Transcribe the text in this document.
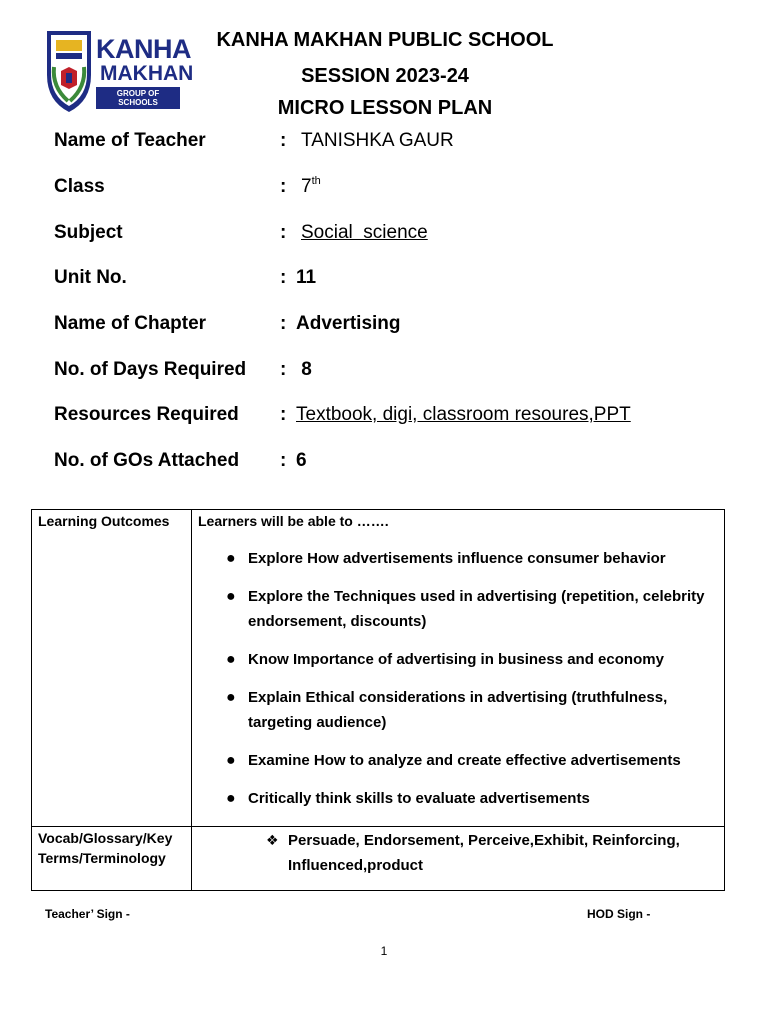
KANHA
MAKHAN
GROUP OF SCHOOLS
KANHA MAKHAN PUBLIC SCHOOL
SESSION 2023-24
MICRO LESSON PLAN
Name of Teacher	: TANISHKA GAUR
Class	: 7th
Subject	: Social  science
Unit No.	: 11
Name of Chapter	: Advertising
No. of Days Required : 8
Resources Required : Textbook, digi, classroom resoures,PPT
No. of GOs Attached : 6
Learning Outcomes Learners will be able to …….
● Explore How advertisements influence consumer behavior
● Explore the Techniques used in advertising (repetition, celebrity endorsement, discounts)
● Know Importance of advertising in business and economy
● Explain Ethical considerations in advertising (truthfulness, targeting audience)
● Examine How to analyze and create effective advertisements
● Critically think skills to evaluate advertisements
Vocab/Glossary/Key Terms/Terminology
❖ Persuade, Endorsement, Perceive,Exhibit, Reinforcing, Influenced,product
Teacher’ Sign -	HOD Sign -
1
